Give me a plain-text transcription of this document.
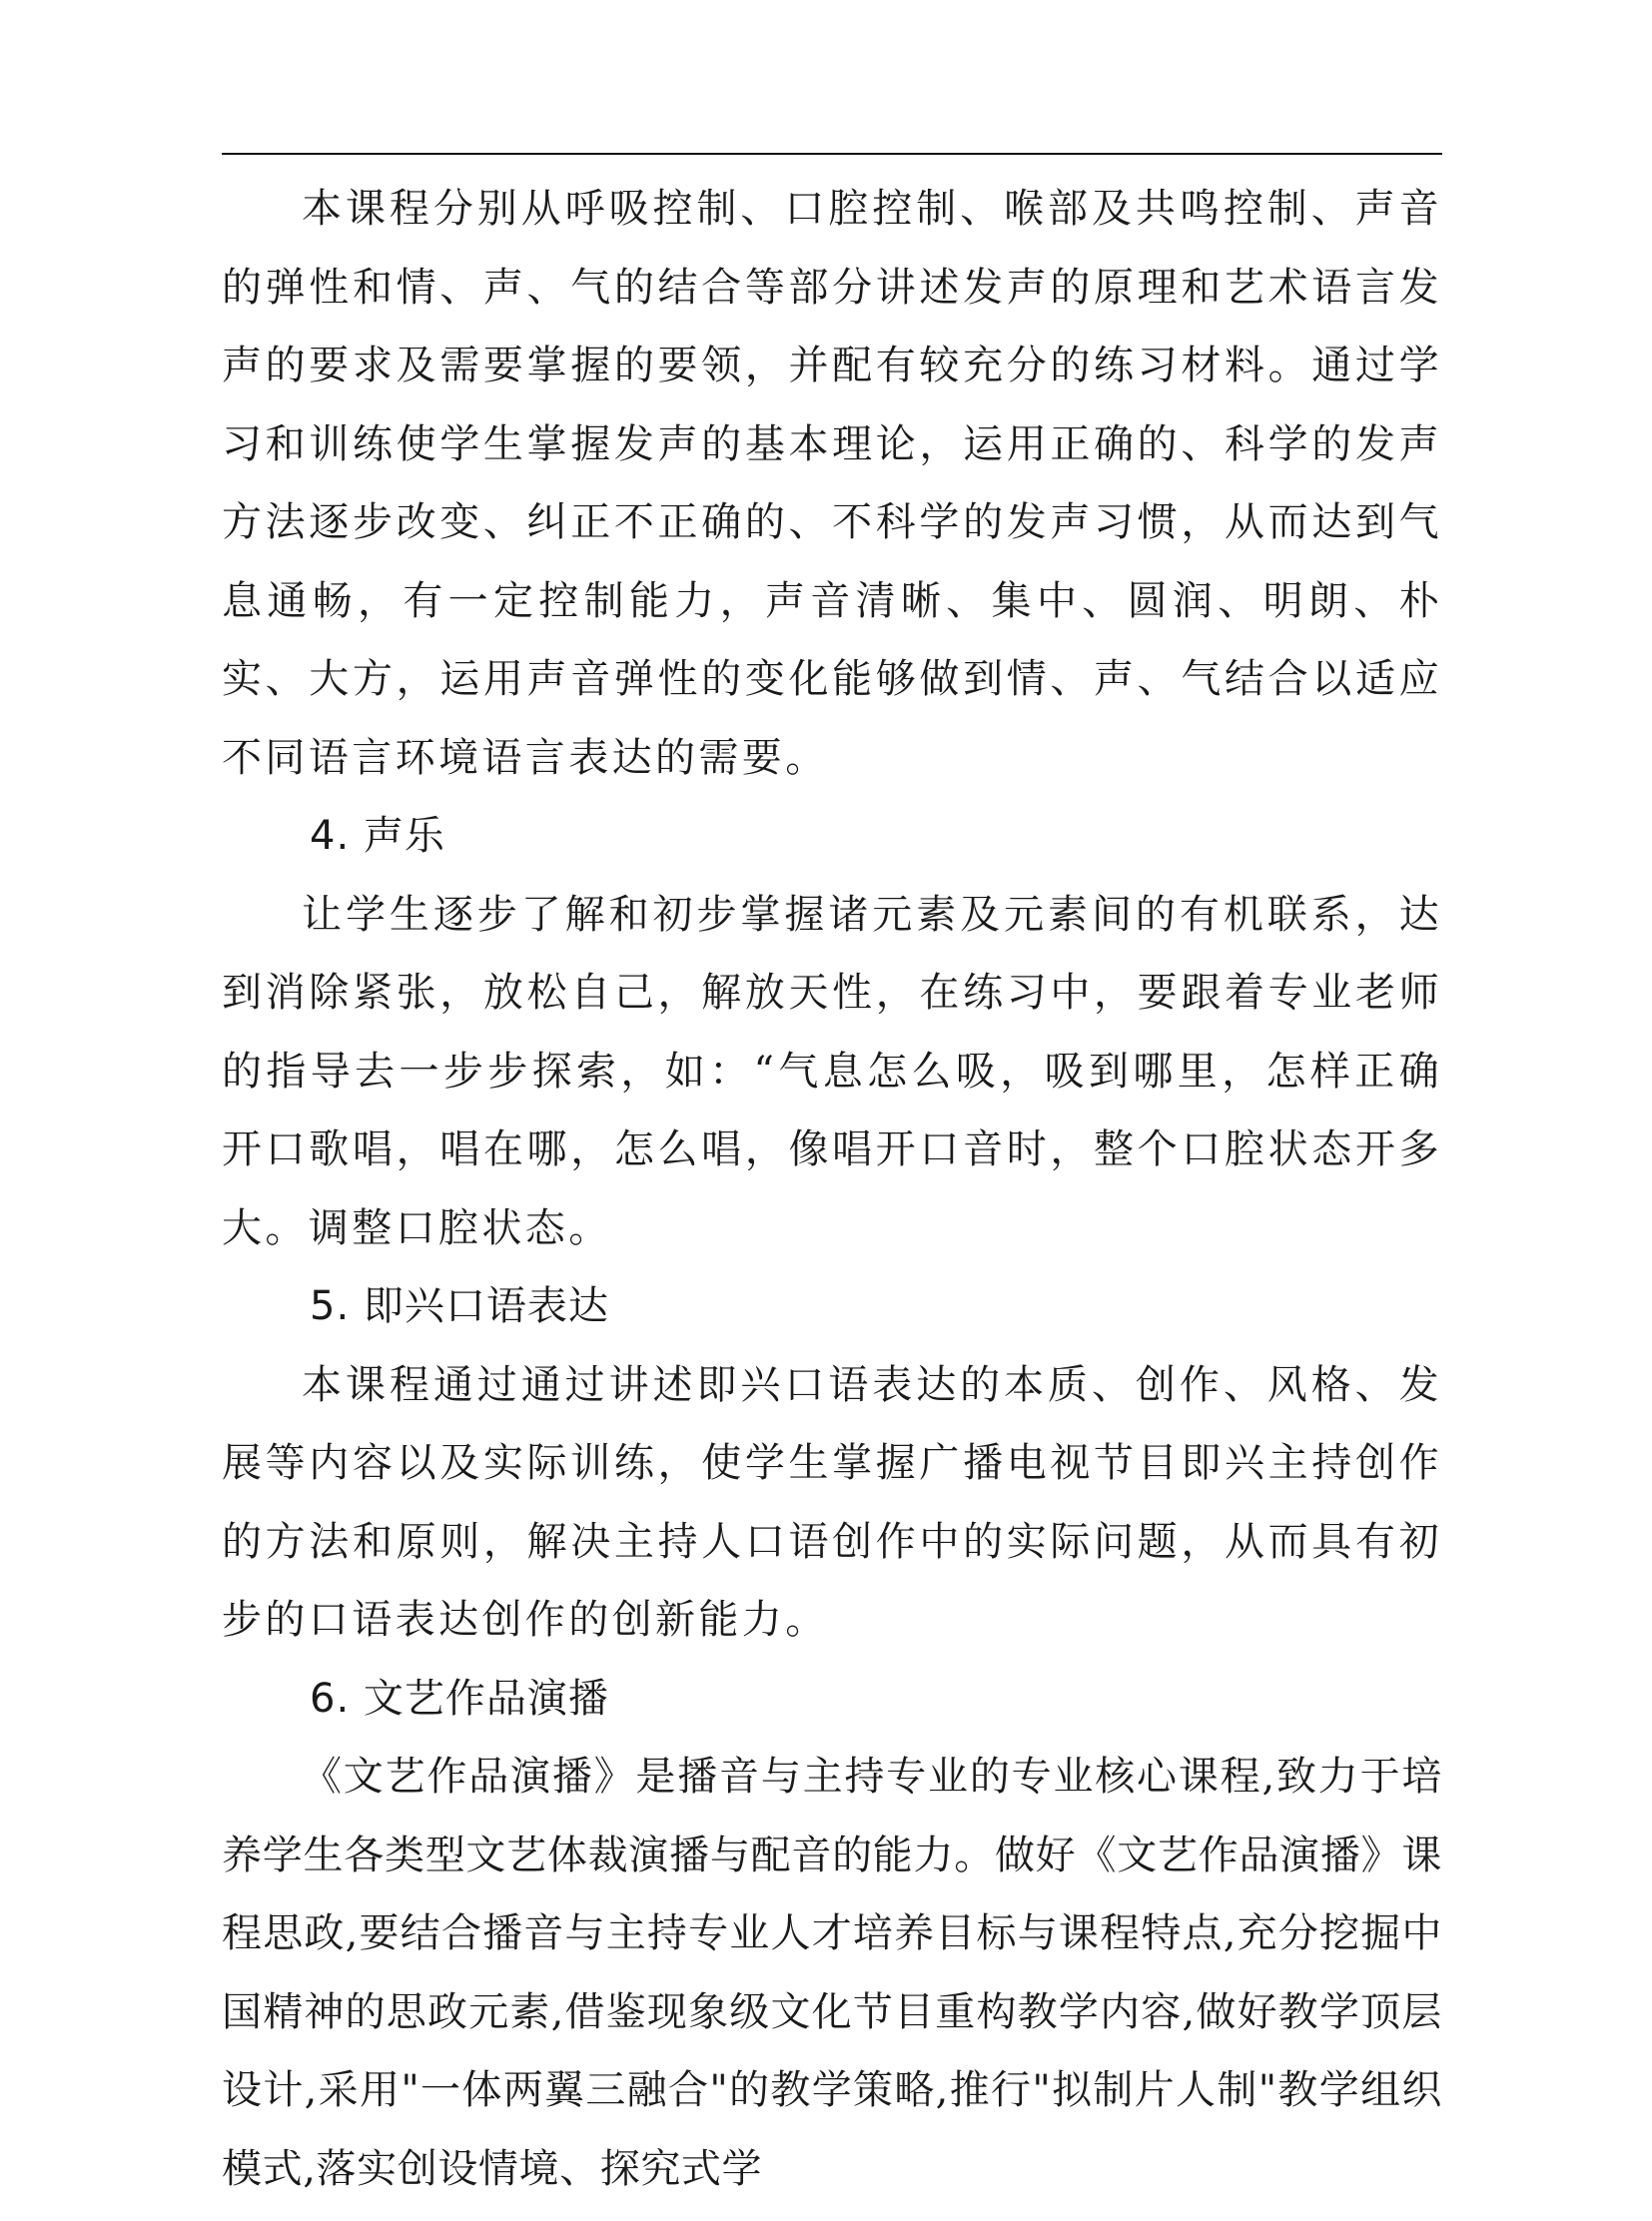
本课程分别从呼吸控制、口腔控制、喉部及共鸣控制、声音的弹性和情、声、气的结合等部分讲述发声的原理和艺术语言发声的要求及需要掌握的要领，并配有较充分的练习材料。通过学习和训练使学生掌握发声的基本理论，运用正确的、科学的发声方法逐步改变、纠正不正确的、不科学的发声习惯，从而达到气息通畅，有一定控制能力，声音清晰、集中、圆润、明朗、朴实、大方，运用声音弹性的变化能够做到情、声、气结合以适应不同语言环境语言表达的需要。

4. 声乐

让学生逐步了解和初步掌握诸元素及元素间的有机联系，达到消除紧张，放松自己，解放天性，在练习中，要跟着专业老师的指导去一步步探索，如：“气息怎么吸，吸到哪里，怎样正确开口歌唱，唱在哪，怎么唱，像唱开口音时，整个口腔状态开多大。调整口腔状态。

5. 即兴口语表达

本课程通过通过讲述即兴口语表达的本质、创作、风格、发展等内容以及实际训练，使学生掌握广播电视节目即兴主持创作的方法和原则，解决主持人口语创作中的实际问题，从而具有初步的口语表达创作的创新能力。

6. 文艺作品演播

《文艺作品演播》是播音与主持专业的专业核心课程,致力于培养学生各类型文艺体裁演播与配音的能力。做好《文艺作品演播》课程思政,要结合播音与主持专业人才培养目标与课程特点,充分挖掘中国精神的思政元素,借鉴现象级文化节目重构教学内容,做好教学顶层设计,采用"一体两翼三融合"的教学策略,推行"拟制片人制"教学组织模式,落实创设情境、探究式学
